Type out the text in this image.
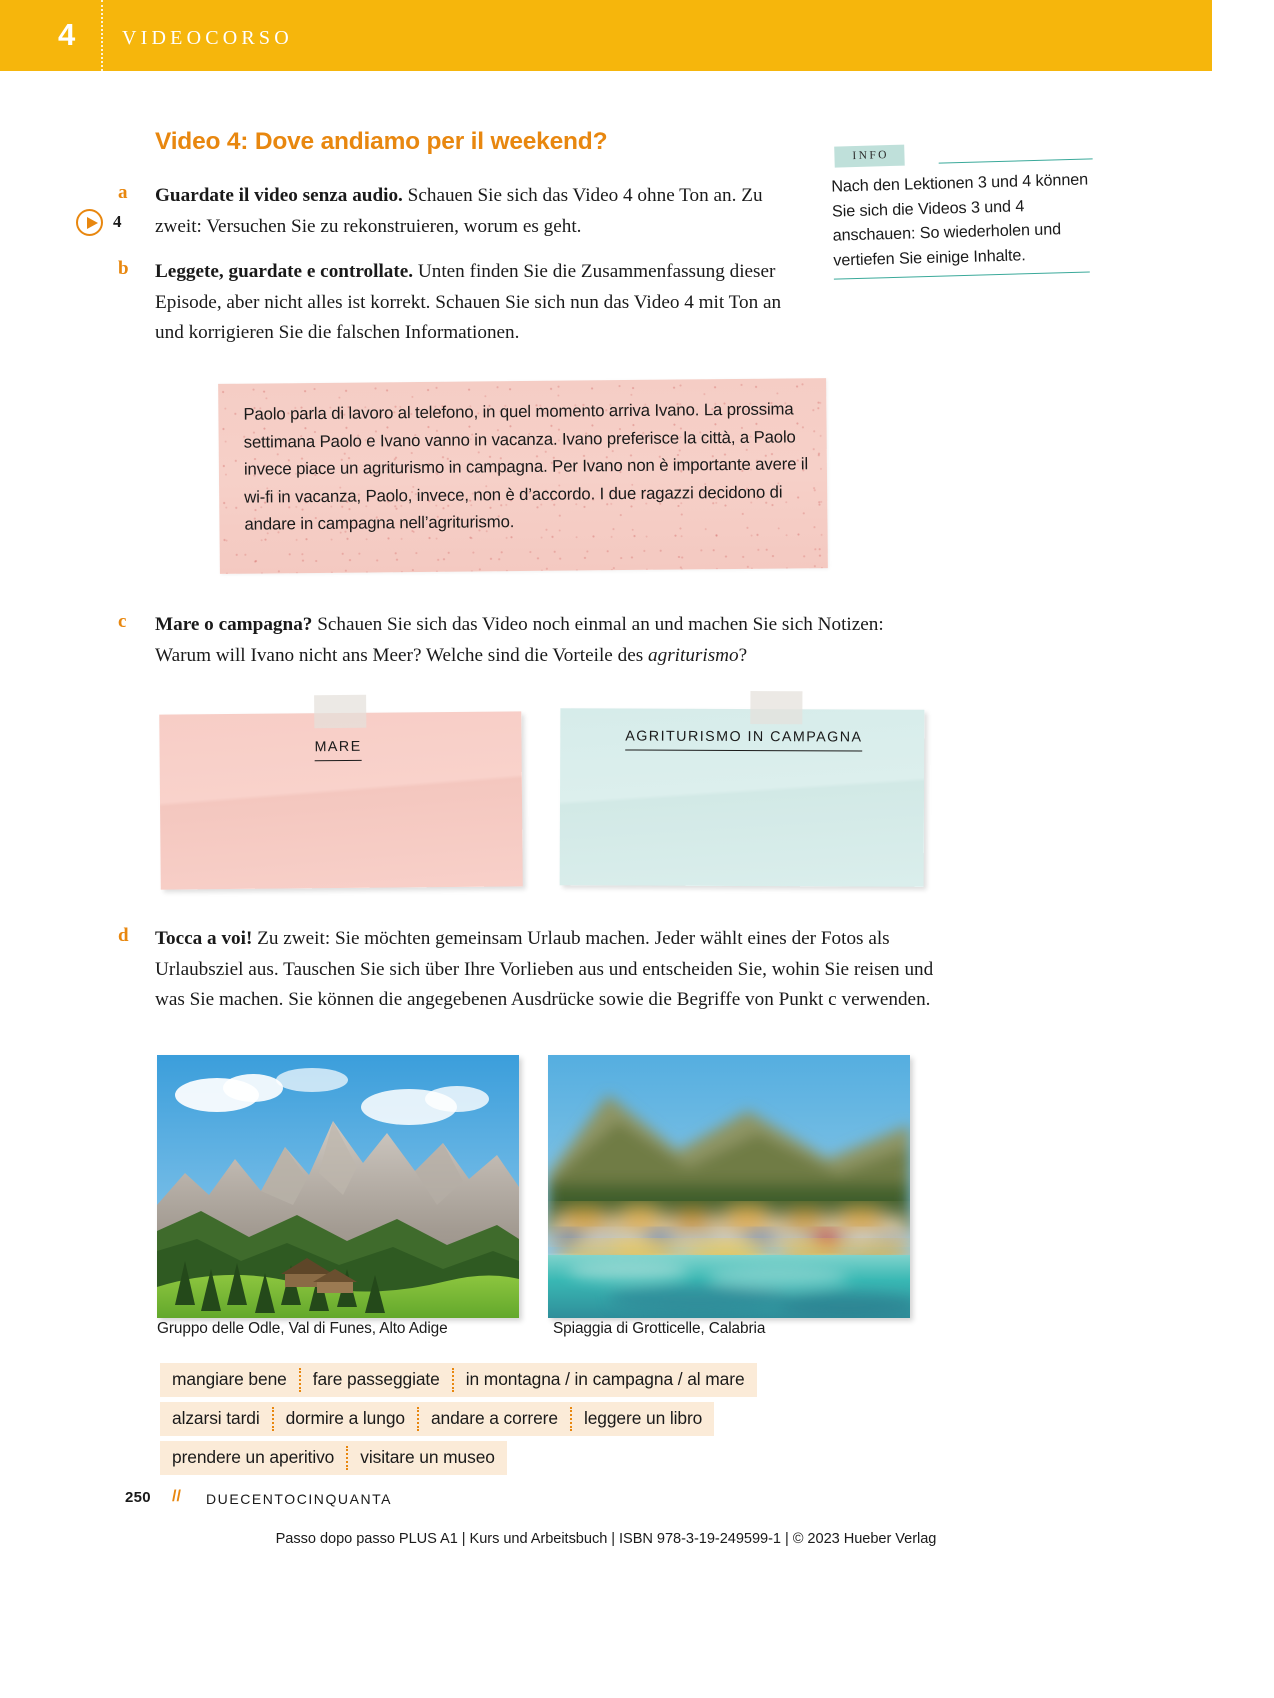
4 VIDEOCORSO
Video 4: Dove andiamo per il weekend?
a
4
Guardate il video senza audio. Schauen Sie sich das Video 4 ohne Ton an. Zu zweit: Versuchen Sie zu rekonstruieren, worum es geht.
b Leggete, guardate e controllate. Unten finden Sie die Zusammenfassung dieser Episode, aber nicht alles ist korrekt. Schauen Sie sich nun das Video 4 mit Ton an und korrigieren Sie die falschen Informationen.
INFO
Nach den Lektionen 3 und 4 können Sie sich die Videos 3 und 4 anschauen: So wiederholen und vertiefen Sie einige Inhalte.
Paolo parla di lavoro al telefono, in quel momento arriva Ivano. La prossima settimana Paolo e Ivano vanno in vacanza. Ivano preferisce la città, a Paolo invece piace un agriturismo in campagna. Per Ivano non è importante avere il wi-fi in vacanza, Paolo, invece, non è d’accordo. I due ragazzi decidono di andare in campagna nell’agriturismo.
c Mare o campagna? Schauen Sie sich das Video noch einmal an und machen Sie sich Notizen: Warum will Ivano nicht ans Meer? Welche sind die Vorteile des agriturismo?
MARE
AGRITURISMO IN CAMPAGNA
d Tocca a voi! Zu zweit: Sie möchten gemeinsam Urlaub machen. Jeder wählt eines der Fotos als Urlaubsziel aus. Tauschen Sie sich über Ihre Vorlieben aus und entscheiden Sie, wohin Sie reisen und was Sie machen. Sie können die angegebenen Ausdrücke sowie die Begriffe von Punkt c verwenden.
Gruppo delle Odle, Val di Funes, Alto Adige	Spiaggia di Grotticelle, Calabria
mangiare bene	fare passeggiate	in montagna / in campagna / al mare
alzarsi tardi	dormire a lungo	andare a correre	leggere un libro
prendere un aperitivo	visitare un museo
250 // DUECENTOCINQUANTA
Passo dopo passo PLUS A1 | Kurs und Arbeitsbuch | ISBN 978-3-19-249599-1 | © 2023 Hueber Verlag
